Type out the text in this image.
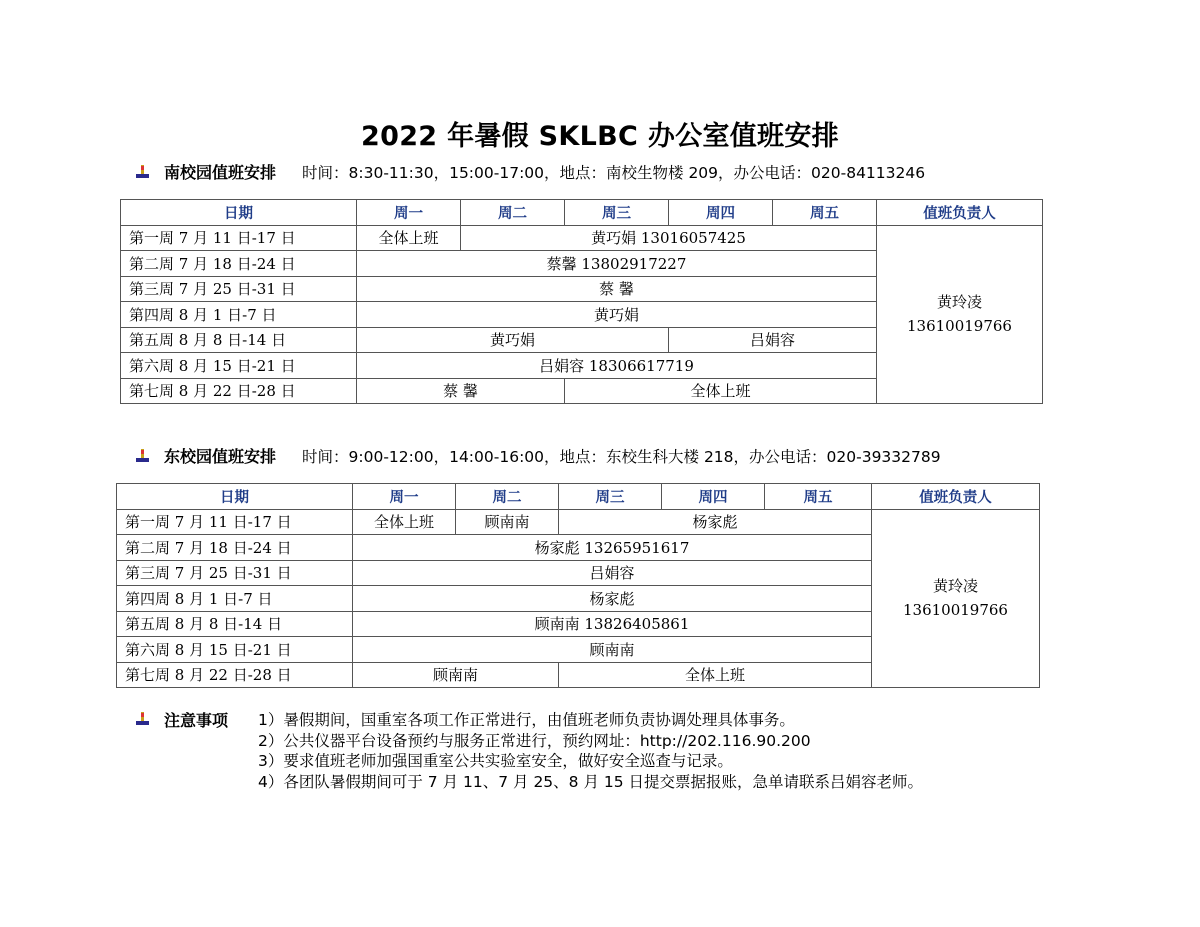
2022 年暑假 SKLBC 办公室值班安排
南校园值班安排 时间：8:30-11:30，15:00-17:00，地点：南校生物楼 209，办公电话：020-84113246
日期	周一	周二	周三	周四	周五	值班负责人
第一周 7 月 11 日-17 日	全体上班	黄巧娟 13016057425				黄玲凌
13610019766

第二周 7 月 18 日-24 日	蔡馨 13802917227					
第三周 7 月 25 日-31 日	蔡 馨					
第四周 8 月 1 日-7 日	黄巧娟					
第五周 8 月 8 日-14 日	黄巧娟			吕娟容		
第六周 8 月 15 日-21 日	吕娟容 18306617719					
第七周 8 月 22 日-28 日	蔡 馨		全体上班			
东校园值班安排 时间：9:00-12:00，14:00-16:00，地点：东校生科大楼 218，办公电话：020-39332789
日期	周一	周二	周三	周四	周五	值班负责人
第一周 7 月 11 日-17 日	全体上班	顾南南	杨家彪			黄玲凌
13610019766

第二周 7 月 18 日-24 日	杨家彪 13265951617					
第三周 7 月 25 日-31 日	吕娟容					
第四周 8 月 1 日-7 日	杨家彪					
第五周 8 月 8 日-14 日	顾南南 13826405861					
第六周 8 月 15 日-21 日	顾南南					
第七周 8 月 22 日-28 日	顾南南		全体上班			
注意事项	1）暑假期间，国重室各项工作正常进行，由值班老师负责协调处理具体事务。
2）公共仪器平台设备预约与服务正常进行，预约网址：http://202.116.90.200
3）要求值班老师加强国重室公共实验室安全，做好安全巡查与记录。
4）各团队暑假期间可于 7 月 11、7 月 25、8 月 15 日提交票据报账，急单请联系吕娟容老师。
